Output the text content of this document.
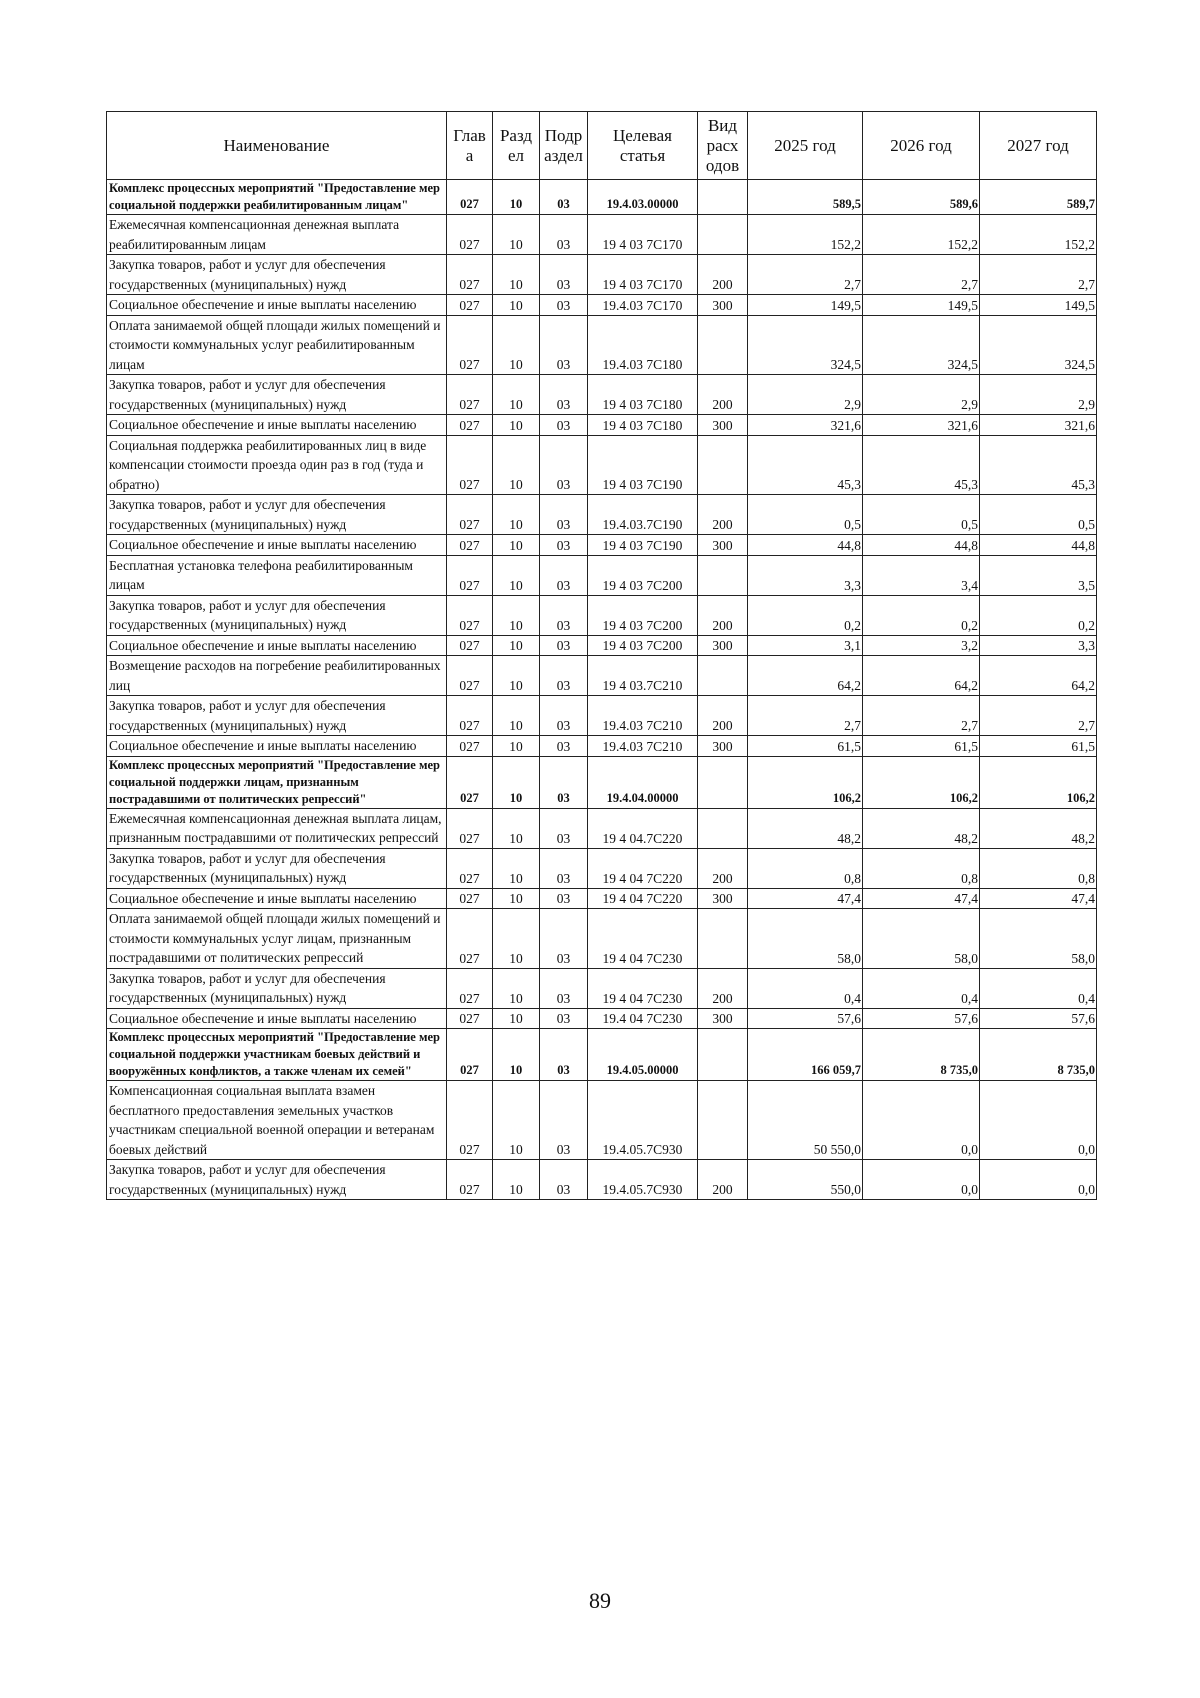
Наименование	Глав а	Разд ел	Подр аздел	Целевая статья	Вид расх одов	2025 год	2026 год	2027 год
Комплекс процессных мероприятий "Предоставление мер социальной поддержки реабилитированным лицам"	027	10	03	19.4.03.00000		589,5	589,6	589,7
Ежемесячная компенсационная денежная выплата реабилитированным лицам	027	10	03	19 4 03 7С170		152,2	152,2	152,2
Закупка товаров, работ и услуг для обеспечения государственных (муниципальных) нужд	027	10	03	19 4 03 7С170	200	2,7	2,7	2,7
Социальное обеспечение и иные выплаты населению	027	10	03	19.4.03 7С170	300	149,5	149,5	149,5
Оплата занимаемой общей площади жилых помещений и стоимости коммунальных услуг реабилитированным лицам	027	10	03	19.4.03 7С180		324,5	324,5	324,5
Закупка товаров, работ и услуг для обеспечения государственных (муниципальных) нужд	027	10	03	19 4 03 7С180	200	2,9	2,9	2,9
Социальное обеспечение и иные выплаты населению	027	10	03	19 4 03 7С180	300	321,6	321,6	321,6
Социальная поддержка реабилитированных лиц в виде компенсации стоимости проезда один раз в год (туда и обратно)	027	10	03	19 4 03 7С190		45,3	45,3	45,3
Закупка товаров, работ и услуг для обеспечения государственных (муниципальных) нужд	027	10	03	19.4.03.7С190	200	0,5	0,5	0,5
Социальное обеспечение и иные выплаты населению	027	10	03	19 4 03 7С190	300	44,8	44,8	44,8
Бесплатная установка телефона реабилитированным лицам	027	10	03	19 4 03 7С200		3,3	3,4	3,5
Закупка товаров, работ и услуг для обеспечения государственных (муниципальных) нужд	027	10	03	19 4 03 7С200	200	0,2	0,2	0,2
Социальное обеспечение и иные выплаты населению	027	10	03	19 4 03 7С200	300	3,1	3,2	3,3
Возмещение расходов на погребение реабилитированных лиц	027	10	03	19 4 03.7С210		64,2	64,2	64,2
Закупка товаров, работ и услуг для обеспечения государственных (муниципальных) нужд	027	10	03	19.4.03 7С210	200	2,7	2,7	2,7
Социальное обеспечение и иные выплаты населению	027	10	03	19.4.03 7С210	300	61,5	61,5	61,5
Комплекс процессных мероприятий "Предоставление мер социальной поддержки лицам, признанным пострадавшими от политических репрессий"	027	10	03	19.4.04.00000		106,2	106,2	106,2
Ежемесячная компенсационная денежная выплата лицам, признанным пострадавшими от политических репрессий	027	10	03	19 4 04.7С220		48,2	48,2	48,2
Закупка товаров, работ и услуг для обеспечения государственных (муниципальных) нужд	027	10	03	19 4 04 7С220	200	0,8	0,8	0,8
Социальное обеспечение и иные выплаты населению	027	10	03	19 4 04 7С220	300	47,4	47,4	47,4
Оплата занимаемой общей площади жилых помещений и стоимости коммунальных услуг лицам, признанным пострадавшими от политических репрессий	027	10	03	19 4 04 7С230		58,0	58,0	58,0
Закупка товаров, работ и услуг для обеспечения государственных (муниципальных) нужд	027	10	03	19 4 04 7С230	200	0,4	0,4	0,4
Социальное обеспечение и иные выплаты населению	027	10	03	19.4 04 7С230	300	57,6	57,6	57,6
Комплекс процессных мероприятий "Предоставление мер социальной поддержки участникам боевых действий и вооружённых конфликтов, а также членам их семей"	027	10	03	19.4.05.00000		166 059,7	8 735,0	8 735,0
Компенсационная социальная выплата взамен бесплатного предоставления земельных участков участникам специальной военной операции и ветеранам боевых действий	027	10	03	19.4.05.7С930		50 550,0	0,0	0,0
Закупка товаров, работ и услуг для обеспечения государственных (муниципальных) нужд	027	10	03	19.4.05.7С930	200	550,0	0,0	0,0
89
